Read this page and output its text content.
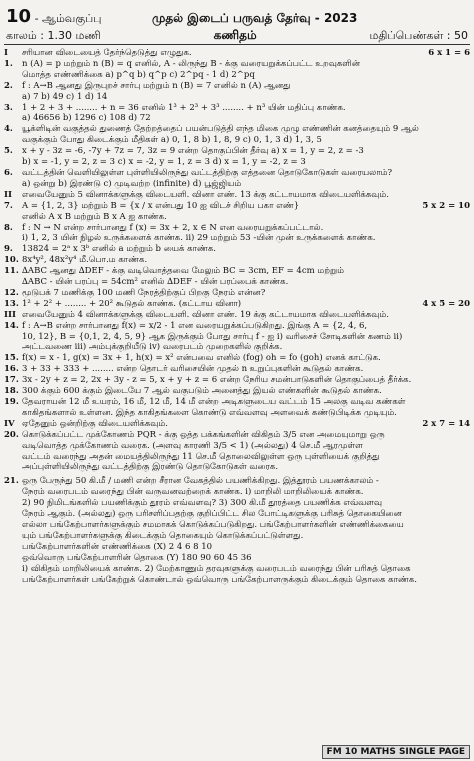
10 - ஆம்வகுப்பு	முதல் இடைப் பருவத் தேர்வு - 2023
காலம் : 1.30 மணி	கணிதம்	மதிப்பெண்கள் : 50
I சரியான விடையைத் தேர்ந்தெடுத்து எழுதுக.	6 x 1 = 6
1. n (A) = p மற்றும் n (B) = q எனில், A - லிருந்து B - க்கு வரையறுக்கப்பட்ட உறவுகளின்
மொத்த எண்ணிக்கை a) p^q b) q^p c) 2^pq - 1 d) 2^pq
2. f : A→B ஆனது இருபுறச் சார்பு மற்றும் n (B) = 7 எனில் n (A) ஆனது
a) 7 b) 49 c) 1 d) 14
3. 1 + 2 + 3 + ........ + n = 36 எனில் 1³ + 2³ + 3³ ........ + n³ யின் மதிப்பு காண்க.
a) 46656 b) 1296 c) 108 d) 72
4. யூக்ளிடின் வகுத்தல் துணைத் தேற்றத்தைப் பயன்படுத்தி எந்த மிகை முழு எண்ணின் கனத்தையும் 9 ஆல்
வகுக்கும் போது கிடைக்கும் மீதிகள் a) 0, 1, 8 b) 1, 8, 9 c) 0, 1, 3 d) 1, 3, 5
5. x + y - 3z = -6, -7y + 7z = 7, 3z = 9 என்ற தொகுப்பின் தீர்வு a) x = 1, y = 2, z = -3
b) x = -1, y = 2, z = 3 c) x = -2, y = 1, z = 3 d) x = 1, y = -2, z = 3
6. வட்டத்தின் வெளியிலுள்ள புள்ளியிலிருந்து வட்டத்திற்கு எத்தனை தொடுகோடுகள் வரையலாம்?
a) ஒன்று b) இரண்டு c) முடிவற்ற (infinite) d) பூஜ்ஜியம்
II எவையேனும் 5 வினாக்களுக்கு விடையளி. வினா எண். 13 க்கு கட்டாயமாக விடையளிக்கவும்.
7. A = {1, 2, 3} மற்றும் B = {x / x என்பது 10 ஐ விடச் சிறிய பகா எண்}	5 x 2 = 10
எனில் A x B மற்றும் B x A ஐ காண்க.
8. f : N → N என்ற சார்பானது f (x) = 3x + 2, x ∈ N என வரையறுக்கப்பட்டால்.
i) 1, 2, 3 யின் நிழல் உருக்களைக் காண்க. ii) 29 மற்றும் 53 -யின் முன் உருக்களைக் காண்க.
9. 13824 = 2ᵃ x 3ᵇ எனில் a மற்றும் b யைக் காண்க.
10. 8x⁴y², 48x²y⁴ மீ.பொ.ம காண்க.
11. ∆ABC ஆனது ∆DEF - க்கு வடிவொத்தவை மேலும் BC = 3cm, EF = 4cm மற்றும்
∆ABC - யின் பரப்பு = 54cm² எனில் ∆DEF - யின் பரப்பைக் காண்க.
12. மூடுபக் 7 மணிக்கு 100 மணி நேரத்திற்குப் பிறகு நேரம் என்ன?
13. 1² + 2² + ........ + 20² கூடுதல் காண்க. (கட்டாய வினா)	4 x 5 = 20
III எவையேனும் 4 வினாக்களுக்கு விடையளி. வினா எண். 19 க்கு கட்டாயமாக விடையளிக்கவும்.
14. f : A→B என்ற சார்பானது f(x) = x/2 - 1 என வரையறுக்கப்படுகிறது. இங்கு A = {2, 4, 6,
10, 12}, B = {0,1, 2, 4, 5, 9} ஆக இருக்கும் போது சார்பு f - ஐ i) வரிசைச் சோடிகளின் கணம் ii)
அட்டவணை iii) அம்புக்குறியீடு iv) வரைபடம் முறைகளில் குறிக்க.
15. f(x) = x - 1, g(x) = 3x + 1, h(x) = x² என்பவை எனில் (fog) oh = fo (goh) எனக் காட்டுக.
16. 3 + 33 + 333 + ........ என்ற தொடர் வரிசையின் முதல் n உறுப்புகளின் கூடுதல் காண்க.
17. 3x - 2y + z = 2, 2x + 3y - z = 5, x + y + z = 6 என்ற நேரிய சமன்பாடுகளின் தொகுப்பைத் தீர்க்க.
18. 300 க்கும் 600 க்கும் இடையே 7 ஆல் வகுபடும் அனைத்து இயல் எண்களின் கூடுதல் காண்க.
19. தேவராயன் 12 மீ உயரம், 16 மீ, 12 மீ, 14 மீ என்ற அடிகளுடைய வட்டம் 15 அலகு வடிவ கண்கள்
காகிதங்களால் உள்ளன. இந்த காகிதங்களை கொண்டு எவ்வளவு அளவைக் கண்டுபிடிக்க முடியும்.
IV ஏதேனும் ஒன்றிற்கு விடையளிக்கவும்.	2 x 7 = 14
20. கொடுக்கப்பட்ட முக்கோணம் PQR - க்கு ஒத்த பக்கங்களின் விகிதம் 3/5 என அமையுமாறு ஒரு
வடிவொத்த முக்கோணம் வரைக. (அளவு காரணி 3/5 < 1) (அல்லது) 4 செ.மீ ஆரமுள்ள
வட்டம் வரைந்து அதன் மையத்திலிருந்து 11 செ.மீ தொலைவிலுள்ள ஒரு புள்ளியைக் குறித்து
அப்புள்ளியிலிருந்து வட்டத்திற்கு இரண்டு தொடுகோடுகள் வரைக.
21. ஒரு பேருந்து 50 கி.மீ / மணி என்ற சீரான வேகத்தில் பயணிக்கிறது. இத்தூரம் பயணக்காலம் -
நேரம் வரைபடம் வரைந்து பின் வருவனவற்றைக் காண்க. i) மாறிலி மாறிலியைக் காண்க.
2) 90 நிமிடங்களில் பயணிக்கும் தூரம் எவ்வளவு? 3) 300 கி.மீ தூரத்தை பயணிக்க எவ்வளவு
நேரம் ஆகும். (அல்லது) ஒரு பரிசளிப்பதற்கு குறிப்பிட்ட சில போட்டிகளுக்கு பரிசுத் தொகையினை
எல்லா பங்கேற்பாளர்களுக்கும் சமமாகக் கொடுக்கப்படுகிறது. பங்கேற்பாளர்களின் எண்ணிக்கையை
யும் பங்கேற்பாளர்களுக்கு கிடைக்கும் தொகையும் கொடுக்கப்பட்டுள்ளது.
பங்கேற்பாளர்களின் எண்ணிக்கை (X) 2 4 6 8 10
ஒவ்வொரு பங்கேற்பாளரின் தொகை (Y) 180 90 60 45 36
i) விகிதம் மாறிலியைக் காண்க. 2) மேற்காணும் தரவுகளுக்கு வரைபடம் வரைந்து பின் பரிசுத் தொகை
பங்கேற்பாளர்கள் பங்கேற்றுக் கொண்டால் ஒவ்வொரு பங்கேற்பாளருக்கும் கிடைக்கும் தொகை காண்க.
FM 10 MATHS SINGLE PAGE
